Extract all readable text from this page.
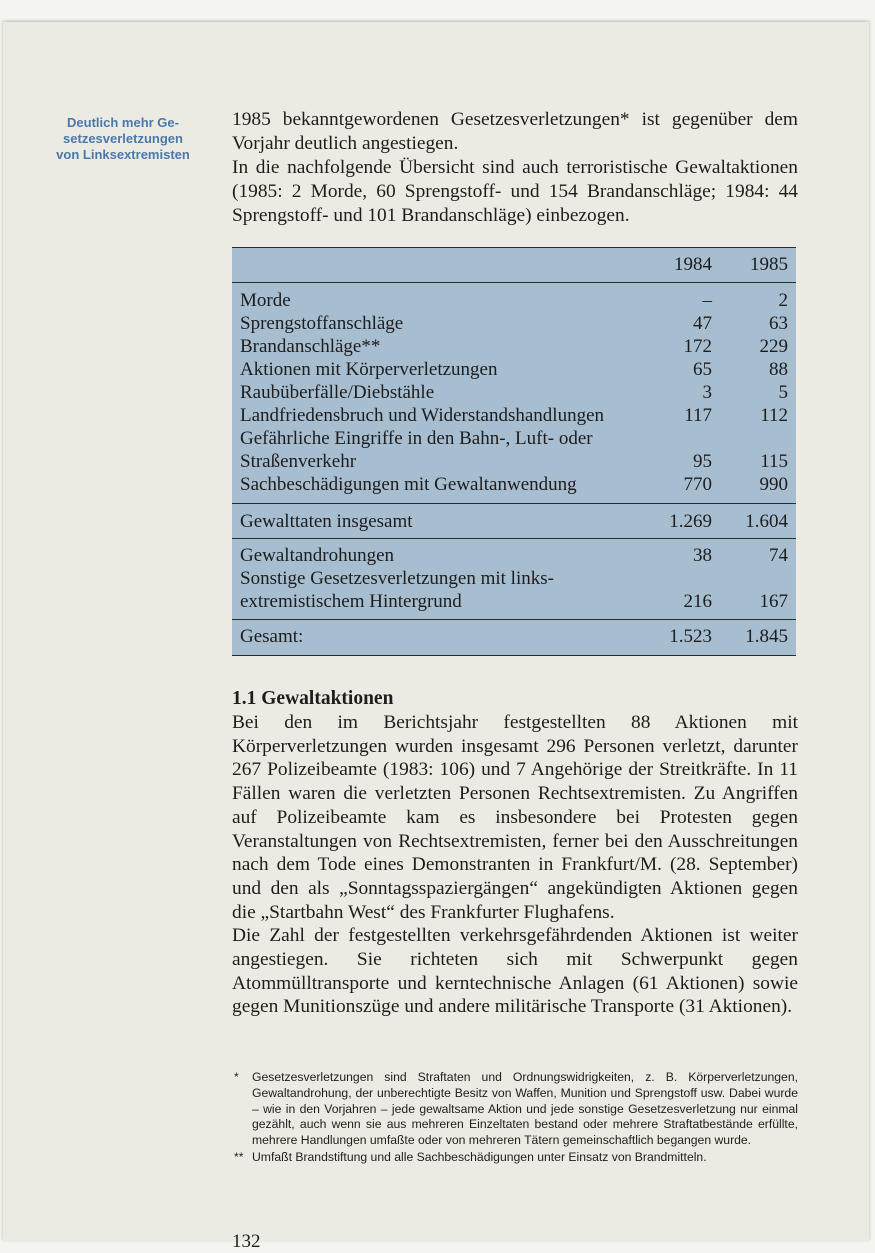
Deutlich mehr Ge-
setzesverletzungen
von Linksextremisten

1985 bekanntgewordenen Gesetzesverletzungen* ist gegenüber dem Vorjahr deutlich angestiegen.

In die nachfolgende Übersicht sind auch terroristische Gewaltaktionen (1985: 2 Morde, 60 Sprengstoff- und 154 Brandanschläge; 1984: 44 Sprengstoff- und 101 Brandanschläge) einbezogen.

1984 1985
Morde	–	2
Sprengstoffanschläge	47	63
Brandanschläge**	172	229
Aktionen mit Körperverletzungen	65	88
Raubüberfälle/Diebstähle	3	5
Landfriedensbruch und Widerstandshandlungen	117	112
Gefährliche Eingriffe in den Bahn-, Luft- oder
Straßenverkehr	95	115
Sachbeschädigungen mit Gewaltanwendung	770	990
Gewalttaten insgesamt	1.269 1.604
Gewaltandrohungen	38	74
Sonstige Gesetzesverletzungen mit links-
extremistischem Hintergrund	216	167
Gesamt:	1.523 1.845
1.1 Gewaltaktionen

Bei den im Berichtsjahr festgestellten 88 Aktionen mit Körperverletzungen wurden insgesamt 296 Personen verletzt, darunter 267 Polizeibeamte (1983: 106) und 7 Angehörige der Streitkräfte. In 11 Fällen waren die verletzten Personen Rechtsextremisten. Zu Angriffen auf Polizeibeamte kam es insbesondere bei Protesten gegen Veranstaltungen von Rechtsextremisten, ferner bei den Ausschreitungen nach dem Tode eines Demonstranten in Frankfurt/M. (28. September) und den als „Sonntagsspaziergängen“ angekündigten Aktionen gegen die „Startbahn West“ des Frankfurter Flughafens.

Die Zahl der festgestellten verkehrsgefährdenden Aktionen ist weiter angestiegen. Sie richteten sich mit Schwerpunkt gegen Atommülltransporte und kerntechnische Anlagen (61 Aktionen) sowie gegen Munitionszüge und andere militärische Transporte (31 Aktionen).

* Gesetzesverletzungen sind Straftaten und Ordnungswidrigkeiten, z. B. Körperverletzungen, Gewaltandrohung, der unberechtigte Besitz von Waffen, Munition und Sprengstoff usw. Dabei wurde – wie in den Vorjahren – jede gewaltsame Aktion und jede sonstige Gesetzesverletzung nur einmal gezählt, auch wenn sie aus mehreren Einzeltaten bestand oder mehrere Straftatbestände erfüllte, mehrere Handlungen umfaßte oder von mehreren Tätern gemeinschaftlich begangen wurde.
** Umfaßt Brandstiftung und alle Sachbeschädigungen unter Einsatz von Brandmitteln.
132
